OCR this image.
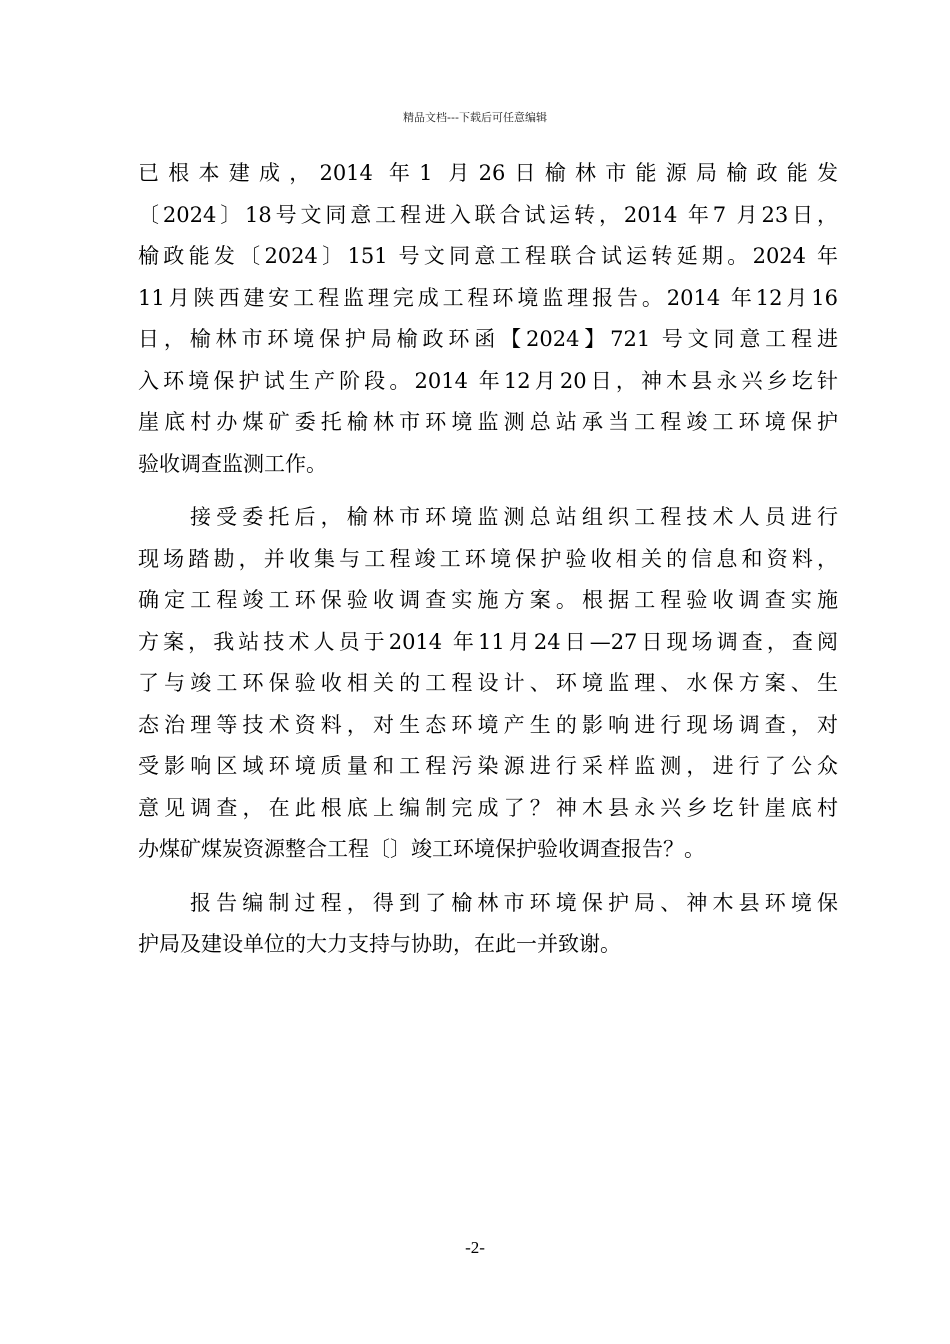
精品文档---下载后可任意编辑
已根本建成，2014 年1 月26日榆林市能源局榆政能发
〔2024〕18号文同意工程进入联合试运转，2014 年7 月23日，
榆政能发〔2024〕151 号文同意工程联合试运转延期。2024 年
11月陕西建安工程监理完成工程环境监理报告。2014 年12月16
日，榆林市环境保护局榆政环函【2024】721 号文同意工程进
入环境保护试生产阶段。2014 年12月20日，神木县永兴乡圪针
崖底村办煤矿委托榆林市环境监测总站承当工程竣工环境保护
验收调查监测工作。
接受委托后，榆林市环境监测总站组织工程技术人员进行
现场踏勘，并收集与工程竣工环境保护验收相关的信息和资料，
确定工程竣工环保验收调查实施方案。根据工程验收调查实施
方案，我站技术人员于2014 年11月24日—27日现场调查，查阅
了与竣工环保验收相关的工程设计、环境监理、水保方案、生
态治理等技术资料，对生态环境产生的影响进行现场调查，对
受影响区域环境质量和工程污染源进行采样监测，进行了公众
意见调查，在此根底上编制完成了？神木县永兴乡圪针崖底村
办煤矿煤炭资源整合工程〔〕竣工环境保护验收调查报告？。
报告编制过程，得到了榆林市环境保护局、神木县环境保
护局及建设单位的大力支持与协助，在此一并致谢。
-2-
